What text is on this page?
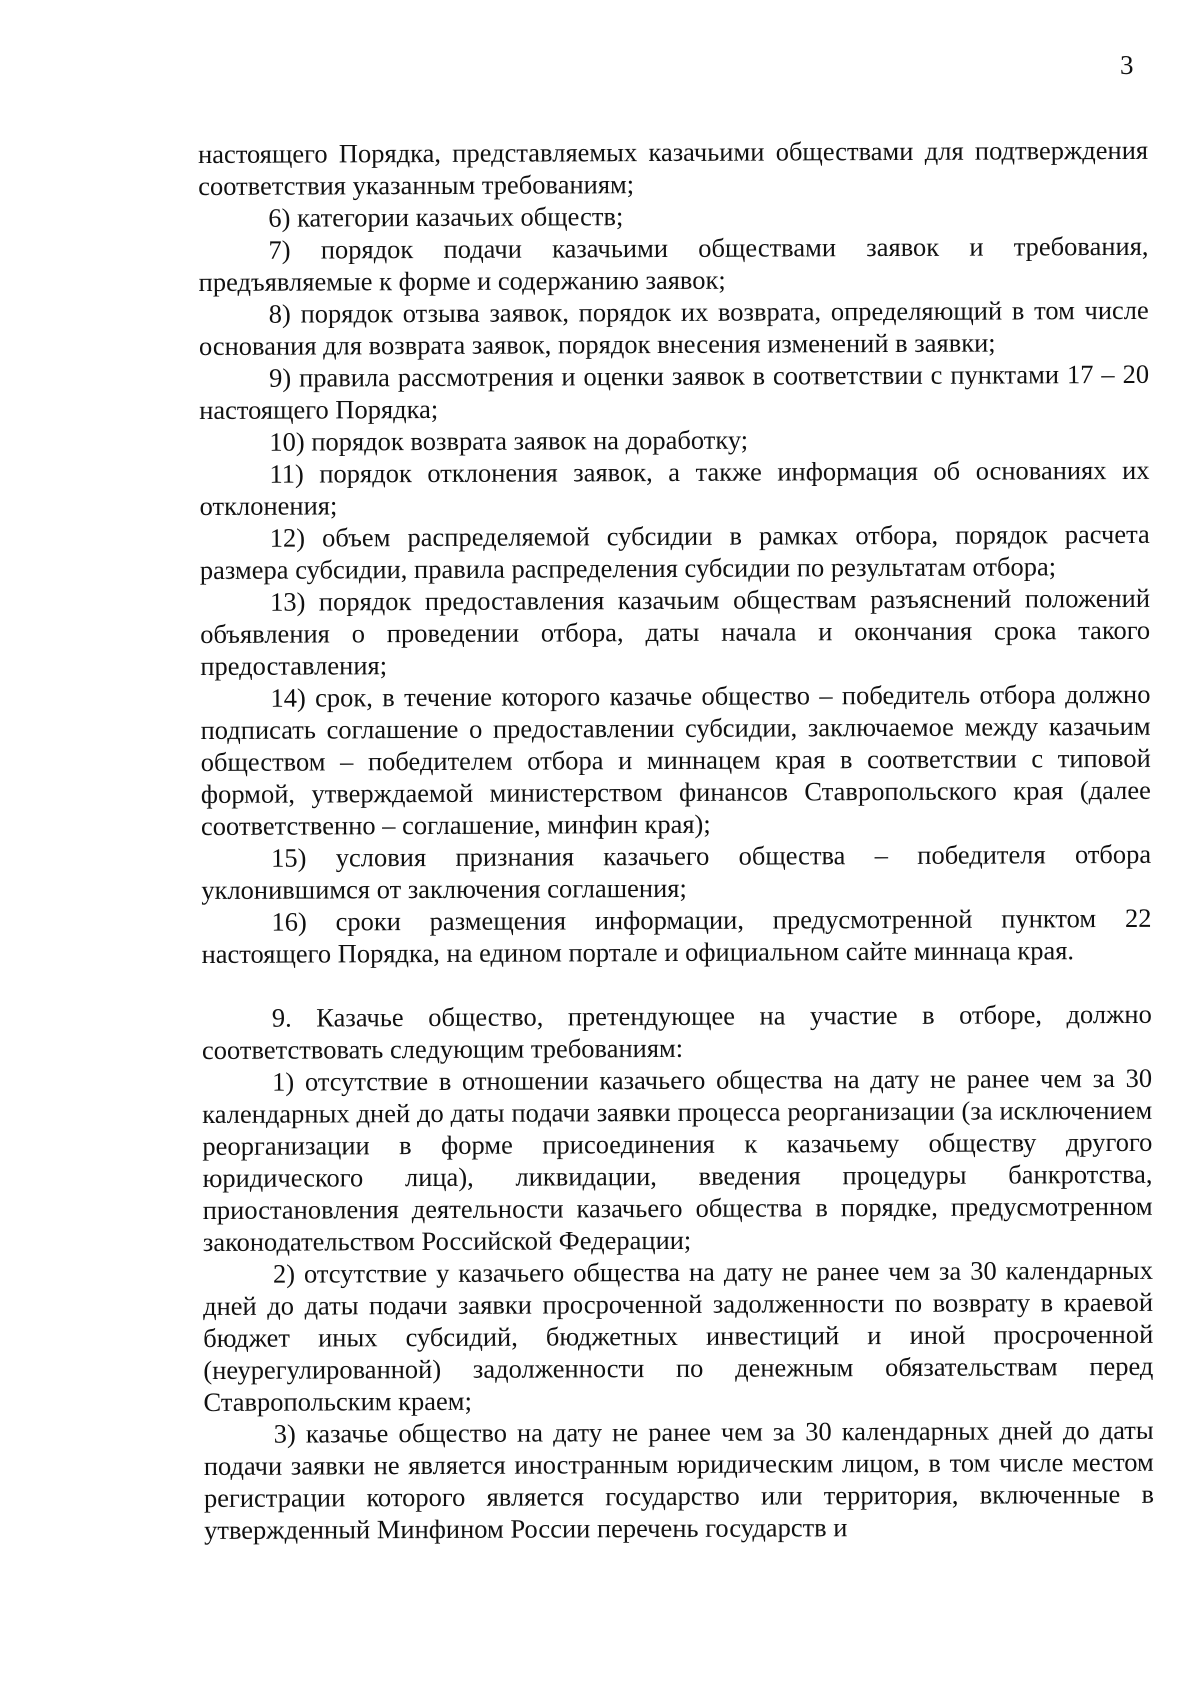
3

настоящего Порядка, представляемых казачьими обществами для подтверждения соответствия указанным требованиям;

6) категории казачьих обществ;

7) порядок подачи казачьими обществами заявок и требования, предъявляемые к форме и содержанию заявок;

8) порядок отзыва заявок, порядок их возврата, определяющий в том числе основания для возврата заявок, порядок внесения изменений в заявки;

9) правила рассмотрения и оценки заявок в соответствии с пунктами 17 – 20 настоящего Порядка;

10) порядок возврата заявок на доработку;

11) порядок отклонения заявок, а также информация об основаниях их отклонения;

12) объем распределяемой субсидии в рамках отбора, порядок расчета размера субсидии, правила распределения субсидии по результатам отбора;

13) порядок предоставления казачьим обществам разъяснений положений объявления о проведении отбора, даты начала и окончания срока такого предоставления;

14) срок, в течение которого казачье общество – победитель отбора должно подписать соглашение о предоставлении субсидии, заключаемое между казачьим обществом – победителем отбора и миннацем края в соответствии с типовой формой, утверждаемой министерством финансов Ставропольского края (далее соответственно – соглашение, минфин края);

15) условия признания казачьего общества – победителя отбора уклонившимся от заключения соглашения;

16) сроки размещения информации, предусмотренной пунктом 22 настоящего Порядка, на едином портале и официальном сайте миннаца края.

9. Казачье общество, претендующее на участие в отборе, должно соответствовать следующим требованиям:

1) отсутствие в отношении казачьего общества на дату не ранее чем за 30 календарных дней до даты подачи заявки процесса реорганизации (за исключением реорганизации в форме присоединения к казачьему обществу другого юридического лица), ликвидации, введения процедуры банкротства, приостановления деятельности казачьего общества в порядке, предусмотренном законодательством Российской Федерации;

2) отсутствие у казачьего общества на дату не ранее чем за 30 календарных дней до даты подачи заявки просроченной задолженности по возврату в краевой бюджет иных субсидий, бюджетных инвестиций и иной просроченной (неурегулированной) задолженности по денежным обязательствам перед Ставропольским краем;

3) казачье общество на дату не ранее чем за 30 календарных дней до даты подачи заявки не является иностранным юридическим лицом, в том числе местом регистрации которого является государство или территория, включенные в утвержденный Минфином России перечень государств и
